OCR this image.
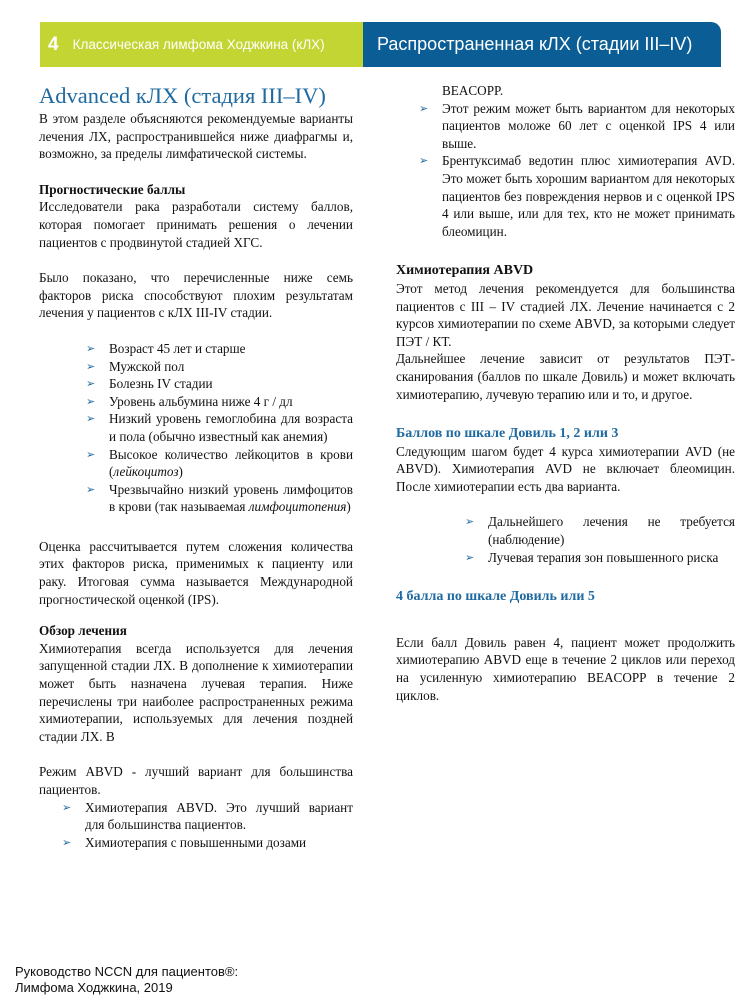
4 Классическая лимфома Ходжкина (кЛХ)	Распространенная кЛХ (стадии III–IV)
Advanced кЛХ (стадия III–IV)

В этом разделе объясняются рекомендуемые варианты лечения ЛХ, распространившейся ниже диафрагмы и, возможно, за пределы лимфатической системы.

Прогностические баллы

Исследователи рака разработали систему баллов, которая помогает принимать решения о лечении пациентов с продвинутой стадией ХГС.

Было показано, что перечисленные ниже семь факторов риска способствуют плохим результатам лечения у пациентов с кЛХ III-IV стадии.

➢ Возраст 45 лет и старше
➢ Мужской пол
➢ Болезнь IV стадии
➢ Уровень альбумина ниже 4 г / дл
➢ Низкий уровень гемоглобина для возраста и пола (обычно известный как анемия)
➢ Высокое количество лейкоцитов в крови (лейкоцитоз)
➢ Чрезвычайно низкий уровень лимфоцитов в крови (так называемая лимфоцитопения)

Оценка рассчитывается путем сложения количества этих факторов риска, применимых к пациенту или раку. Итоговая сумма называется Международной прогностической оценкой (IPS).

Обзор лечения

Химиотерапия всегда используется для лечения запущенной стадии ЛХ. В дополнение к химиотерапии может быть назначена лучевая терапия. Ниже перечислены три наиболее распространенных режима химиотерапии, используемых для лечения поздней стадии ЛХ. В

Режим ABVD - лучший вариант для большинства пациентов.

➢ Химиотерапия ABVD. Это лучший вариант для большинства пациентов.
➢ Химиотерапия с повышенными дозами

BEACOPP.

➢ Этот режим может быть вариантом для некоторых пациентов моложе 60 лет с оценкой IPS 4 или выше.
➢ Брентуксимаб ведотин плюс химиотерапия AVD. Это может быть хорошим вариантом для некоторых пациентов без повреждения нервов и с оценкой IPS 4 или выше, или для тех, кто не может принимать блеомицин.

Химиотерапия ABVD

Этот метод лечения рекомендуется для большинства пациентов с III – IV стадией ЛХ. Лечение начинается с 2 курсов химиотерапии по схеме ABVD, за которыми следует ПЭТ / КТ.

Дальнейшее лечение зависит от результатов ПЭТ-сканирования (баллов по шкале Довиль) и может включать химиотерапию, лучевую терапию или и то, и другое.

Баллов по шкале Довиль 1, 2 или 3

Следующим шагом будет 4 курса химиотерапии AVD (не ABVD). Химиотерапия AVD не включает блеомицин. После химиотерапии есть два варианта.

➢ Дальнейшего лечения не требуется (наблюдение)
➢ Лучевая терапия зон повышенного риска

4 балла по шкале Довиль или 5

Если балл Довиль равен 4, пациент может продолжить химиотерапию ABVD еще в течение 2 циклов или переход на усиленную химиотерапию BEACOPP в течение 2 циклов.

Руководство NCCN для пациентов®:
Лимфома Ходжкина, 2019
